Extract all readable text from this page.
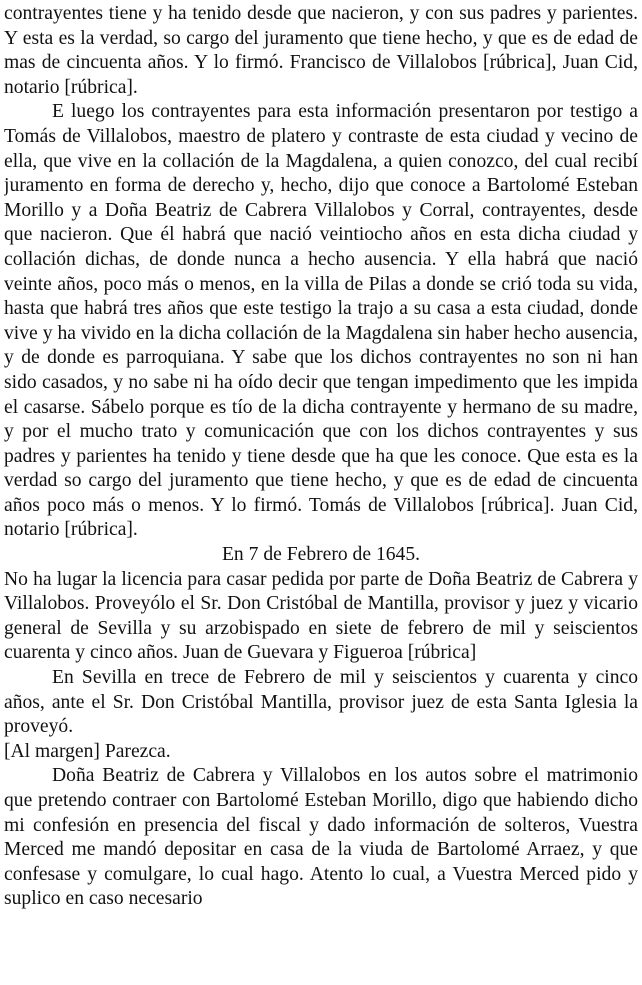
contrayentes tiene y ha tenido desde que nacieron, y con sus padres y parientes. Y esta es la verdad, so cargo del juramento que tiene hecho, y que es de edad de mas de cincuenta años. Y lo firmó. Francisco de Villalobos [rúbrica], Juan Cid, notario [rúbrica].

E luego los contrayentes para esta información presentaron por testigo a Tomás de Villalobos, maestro de platero y contraste de esta ciudad y vecino de ella, que vive en la collación de la Magdalena, a quien conozco, del cual recibí juramento en forma de derecho y, hecho, dijo que conoce a Bartolomé Esteban Morillo y a Doña Beatriz de Cabrera Villalobos y Corral, contrayentes, desde que nacieron. Que él habrá que nació veintiocho años en esta dicha ciudad y collación dichas, de donde nunca a hecho ausencia. Y ella habrá que nació veinte años, poco más o menos, en la villa de Pilas a donde se crió toda su vida, hasta que habrá tres años que este testigo la trajo a su casa a esta ciudad, donde vive y ha vivido en la dicha collación de la Magdalena sin haber hecho ausencia, y de donde es parroquiana. Y sabe que los dichos contrayentes no son ni han sido casados, y no sabe ni ha oído decir que tengan impedimento que les impida el casarse. Sábelo porque es tío de la dicha contrayente y hermano de su madre, y por el mucho trato y comunicación que con los dichos contrayentes y sus padres y parientes ha tenido y tiene desde que ha que les conoce. Que esta es la verdad so cargo del juramento que tiene hecho, y que es de edad de cincuenta años poco más o menos. Y lo firmó. Tomás de Villalobos [rúbrica]. Juan Cid, notario [rúbrica].

En 7 de Febrero de 1645.

No ha lugar la licencia para casar pedida por parte de Doña Beatriz de Cabrera y Villalobos. Proveyólo el Sr. Don Cristóbal de Mantilla, provisor y juez y vicario general de Sevilla y su arzobispado en siete de febrero de mil y seiscientos cuarenta y cinco años. Juan de Guevara y Figueroa [rúbrica]

En Sevilla en trece de Febrero de mil y seiscientos y cuarenta y cinco años, ante el Sr. Don Cristóbal Mantilla, provisor juez de esta Santa Iglesia la proveyó.

[Al margen] Parezca.

Doña Beatriz de Cabrera y Villalobos en los autos sobre el matrimonio que pretendo contraer con Bartolomé Esteban Morillo, digo que habiendo dicho mi confesión en presencia del fiscal y dado información de solteros, Vuestra Merced me mandó depositar en casa de la viuda de Bartolomé Arraez, y que confesase y comulgare, lo cual hago. Atento lo cual, a Vuestra Merced pido y suplico en caso necesario
